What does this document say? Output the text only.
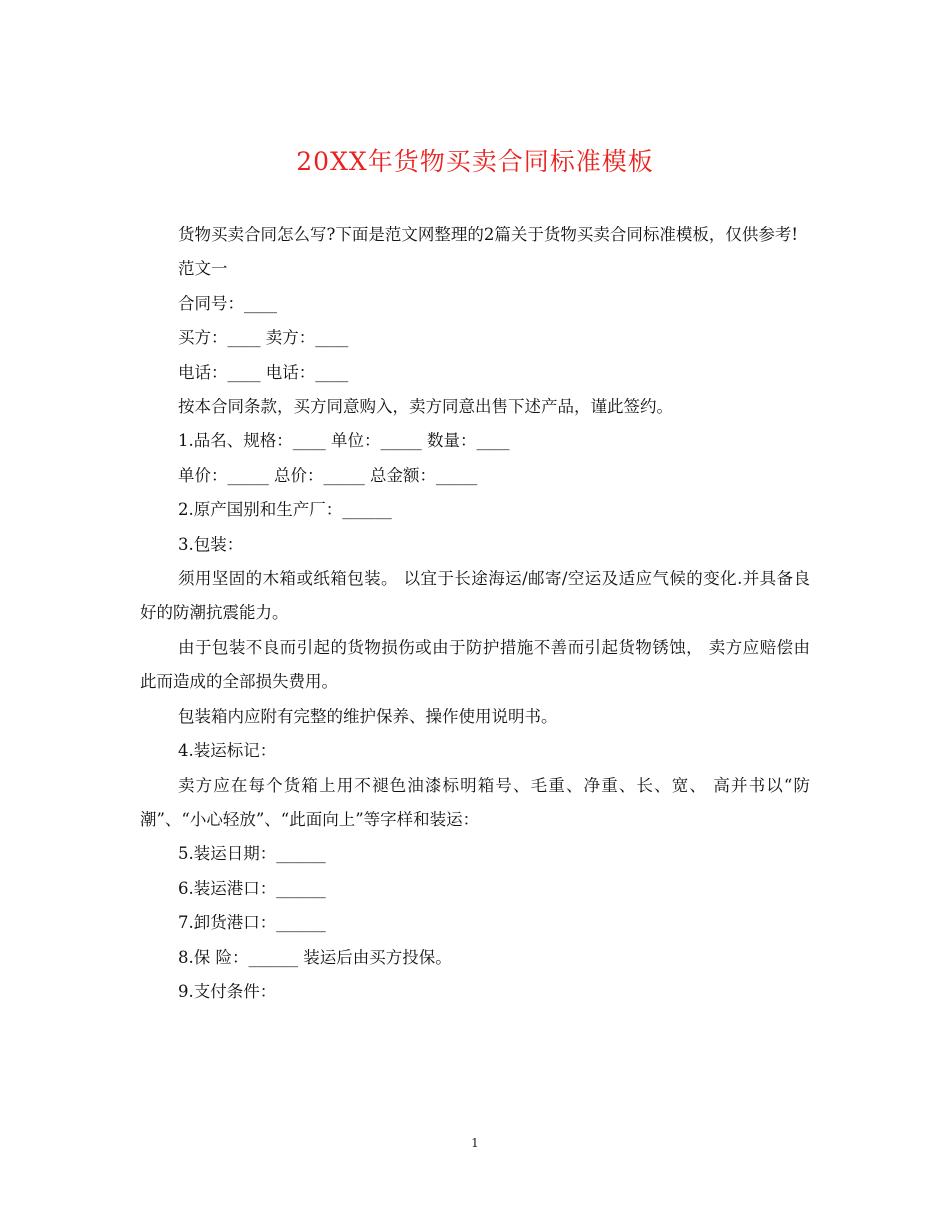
20XX年货物买卖合同标准模板

货物买卖合同怎么写?下面是范文网整理的2篇关于货物买卖合同标准模板，仅供参考!

范文一

合同号：____

买方：____ 卖方：____

电话：____ 电话：____

按本合同条款，买方同意购入，卖方同意出售下述产品，谨此签约。

1.品名、规格：____ 单位：_____ 数量：____

单价：_____ 总价：_____ 总金额：_____

2.原产国别和生产厂：______

3.包装：

须用坚固的木箱或纸箱包装。 以宜于长途海运/邮寄/空运及适应气候的变化.并具备良好的防潮抗震能力。

由于包装不良而引起的货物损伤或由于防护措施不善而引起货物锈蚀， 卖方应赔偿由此而造成的全部损失费用。

包装箱内应附有完整的维护保养、操作使用说明书。

4.装运标记：

卖方应在每个货箱上用不褪色油漆标明箱号、毛重、净重、长、宽、 高并书以“防潮”、“小心轻放”、“此面向上”等字样和装运：

5.装运日期：______

6.装运港口：______

7.卸货港口：______

8.保 险：______ 装运后由买方投保。

9.支付条件：

1
